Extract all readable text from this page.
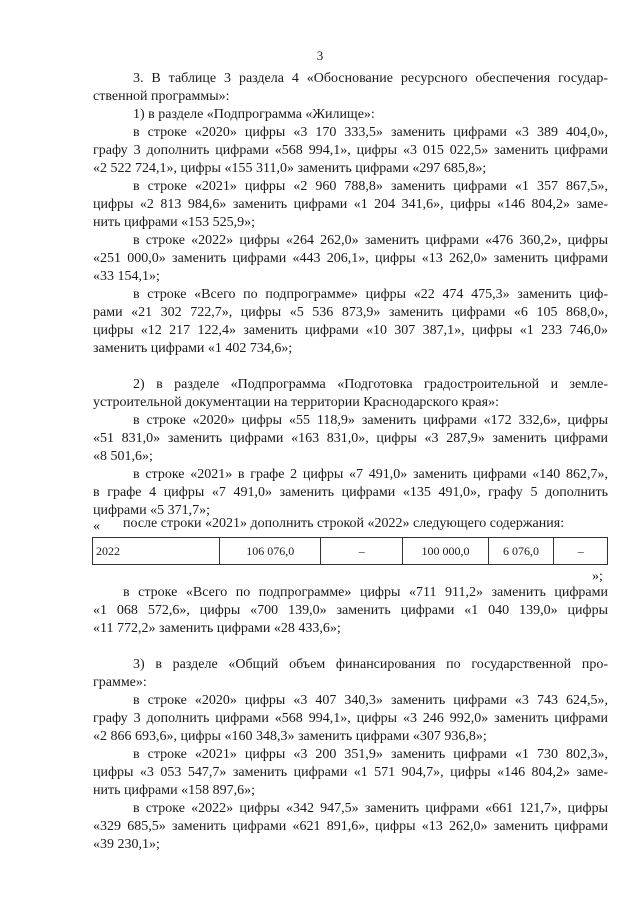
3
3. В таблице 3 раздела 4 «Обоснование ресурсного обеспечения государ-
ственной программы»:
1) в разделе «Подпрограмма «Жилище»:
в строке «2020» цифры «3 170 333,5» заменить цифрами «3 389 404,0»,
графу 3 дополнить цифрами «568 994,1», цифры «3 015 022,5» заменить цифрами
«2 522 724,1», цифры «155 311,0» заменить цифрами «297 685,8»;
в строке «2021» цифры «2 960 788,8» заменить цифрами «1 357 867,5»,
цифры «2 813 984,6» заменить цифрами «1 204 341,6», цифры «146 804,2» заме-
нить цифрами «153 525,9»;
в строке «2022» цифры «264 262,0» заменить цифрами «476 360,2», цифры
«251 000,0» заменить цифрами «443 206,1», цифры «13 262,0» заменить цифрами
«33 154,1»;
в строке «Всего по подпрограмме» цифры «22 474 475,3» заменить циф-
рами «21 302 722,7», цифры «5 536 873,9» заменить цифрами «6 105 868,0»,
цифры «12 217 122,4» заменить цифрами «10 307 387,1», цифры «1 233 746,0»
заменить цифрами «1 402 734,6»;
2) в разделе «Подпрограмма «Подготовка градостроительной и земле-
устроительной документации на территории Краснодарского края»:
в строке «2020» цифры «55 118,9» заменить цифрами «172 332,6», цифры
«51 831,0» заменить цифрами «163 831,0», цифры «3 287,9» заменить цифрами
«8 501,6»;
в строке «2021» в графе 2 цифры «7 491,0» заменить цифрами «140 862,7»,
в графе 4 цифры «7 491,0» заменить цифрами «135 491,0», графу 5 дополнить
цифрами «5 371,7»;
после строки «2021» дополнить строкой «2022» следующего содержания:
«
2022	106 076,0	–	100 000,0	6 076,0	–
»;
в строке «Всего по подпрограмме» цифры «711 911,2» заменить цифрами
«1 068 572,6», цифры «700 139,0» заменить цифрами «1 040 139,0» цифры
«11 772,2» заменить цифрами «28 433,6»;
3) в разделе «Общий объем финансирования по государственной про-
грамме»:
в строке «2020» цифры «3 407 340,3» заменить цифрами «3 743 624,5»,
графу 3 дополнить цифрами «568 994,1», цифры «3 246 992,0» заменить цифрами
«2 866 693,6», цифры «160 348,3» заменить цифрами «307 936,8»;
в строке «2021» цифры «3 200 351,9» заменить цифрами «1 730 802,3»,
цифры «3 053 547,7» заменить цифрами «1 571 904,7», цифры «146 804,2» заме-
нить цифрами «158 897,6»;
в строке «2022» цифры «342 947,5» заменить цифрами «661 121,7», цифры
«329 685,5» заменить цифрами «621 891,6», цифры «13 262,0» заменить цифрами
«39 230,1»;
